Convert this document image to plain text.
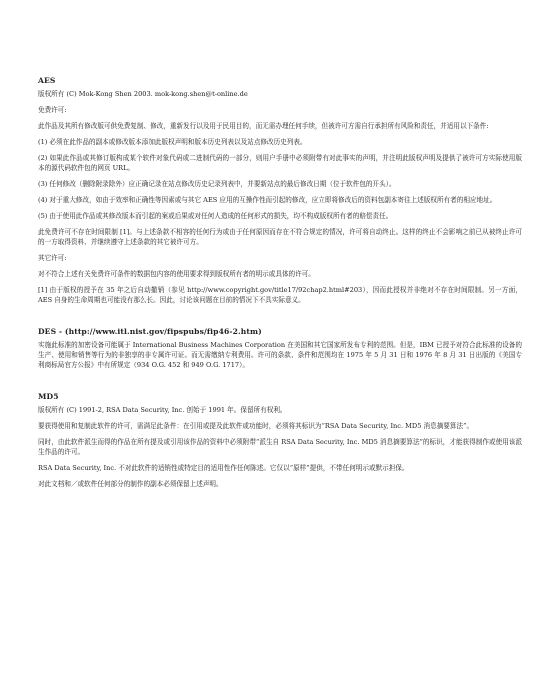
AES

版权所有 (C) Mok-Kong Shen 2003. mok-kong.shen@t-online.de

免费许可:

此作品及其所有修改版可供免费复制、修改，重新发行以及用于民用目的，而无需办理任何手续，但被许可方需自行承担所有风险和责任，并适用以下条件:

(1) 必须在此作品的副本或修改版本添加此版权声明和版本历史列表以及站点修改历史列表。

(2) 如果此作品或其修订版构成某个软件对象代码或二进制代码的一部分，则用户手册中必须附带有对此事实的声明，并注明此版权声明及提供了被许可方实际使用版本的源代码软件包的网页 URL。

(3) 任何修改（删除附录除外）应正确记录在站点修改历史记录列表中，并要新站点的最后修改日期（位于软件包的开头）。

(4) 对于重大修改，如由于效率和正确性等因素或与其它 AES 应用的互操作性而引起的修改，应立即将修改后的资料包副本寄往上述版权所有者的相应地址。

(5) 由于使用此作品或其修改版本而引起的案或后果或对任何人造成的任何形式的损失，均不构成版权所有者的赔偿责任。

此免费许可不存在时间限制 [1]。与上述条款不相容的任何行为或由于任何原因而存在不符合规定的情况，许可将自动终止。这样的终止不会影响之前已从被终止许可的一方取得资料、并继续遵守上述条款的其它被许可方。

其它许可:

对不符合上述有关免费许可条件的数据包内容的使用要求得到版权所有者的明示或具体的许可。

[1] 由于版权的授予在 35 年之后自动撤销（参见 http://www.copyright.gov/title17/92chap2.html#203），因而此授权并非绝对不存在时间限制。另一方面，AES 自身的生命周期也可能没有那么长。因此，讨论该问题在目前的情况下不具实际意义。

DES - (http://www.itl.nist.gov/fipspubs/fip46-2.htm)

实施此标准的加密设备可能属于 International Business Machines Corporation 在美国和其它国家所发布专利的范围。但是，IBM 已授予对符合此标准的设备的生产、使用和销售等行为的非独享的非专属许可证。而无需缴纳专利费用。许可的条款、条件和范围均在 1975 年 5 月 31 日和 1976 年 8 月 31 日出版的《美国专利商标局官方公报》中有所规定（934 O.G. 452 和 949 O.G. 1717）。

MD5

版权所有 (C) 1991-2, RSA Data Security, Inc. 创始于 1991 年。保留所有权利。

要获得使用和复制此软件的许可，需满足此条件：在引用或提及此软件或功能时，必须将其标识为“RSA Data Security, Inc. MD5 消息摘要算法”。

同时，由此软件派生而得的作品在所有提及或引用该作品的资料中必须附带“派生自 RSA Data Security, Inc. MD5 消息摘要算法”的标识，才能获得制作或使用该派生作品的许可。

RSA Data Security, Inc. 不对此软件的适销性或特定目的适用性作任何陈述。它仅以“原样”提供，不带任何明示或默示担保。

对此文档和／或软件任何部分的制作的副本必须保留上述声明。
